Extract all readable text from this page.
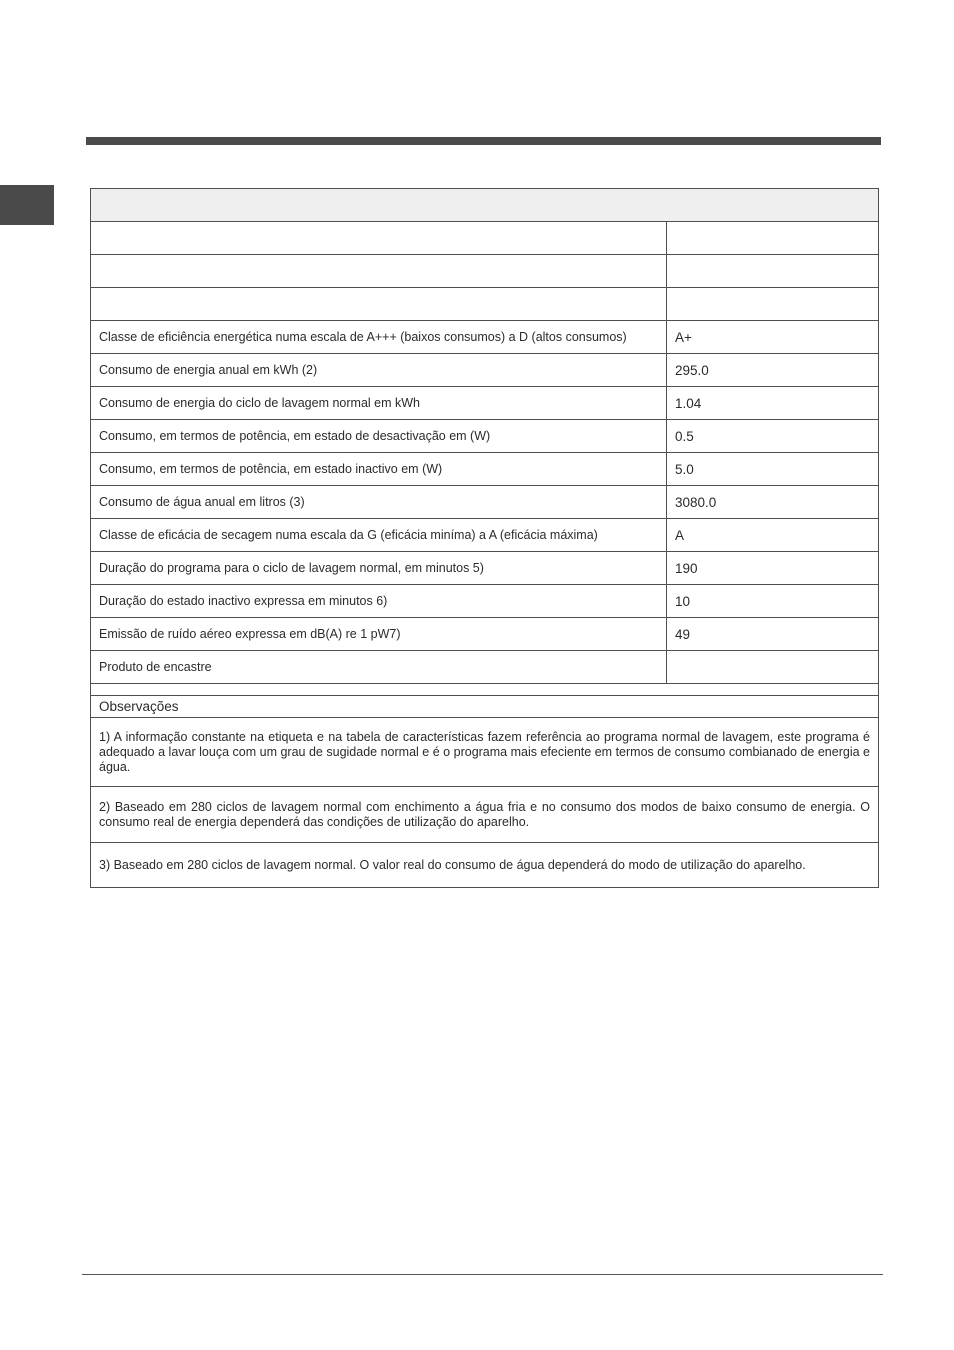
Classe de eficiência energética numa escala de A+++ (baixos consumos) a D (altos consumos)	A+
Consumo de energia anual em kWh (2)	295.0
Consumo de energia do ciclo de lavagem normal em kWh	1.04
Consumo, em termos de potência, em estado de desactivação em (W)	0.5
Consumo, em termos de potência, em estado inactivo em (W)	5.0
Consumo de água anual em litros (3)	3080.0
Classe de eficácia de secagem numa escala da G (eficácia miníma) a A (eficácia máxima)	A
Duração do programa para o ciclo de lavagem normal, em minutos 5)	190
Duração do estado inactivo expressa em minutos 6)	10
Emissão de ruído aéreo expressa em dB(A) re 1 pW7)	49
Produto de encastre	

Observações	
1) A informação constante na etiqueta e na tabela de características fazem referência ao programa normal de lavagem, este programa é adequado a lavar louça com um grau de sugidade normal e é o programa mais efeciente em termos de consumo combianado de energia e água.	
2) Baseado em 280 ciclos de lavagem normal com enchimento a água fria e no consumo dos modos de baixo consumo de energia. O consumo real de energia dependerá das condições de utilização do aparelho.	
3) Baseado em 280 ciclos de lavagem normal. O valor real do consumo de água dependerá do modo de utilização do aparelho.	
